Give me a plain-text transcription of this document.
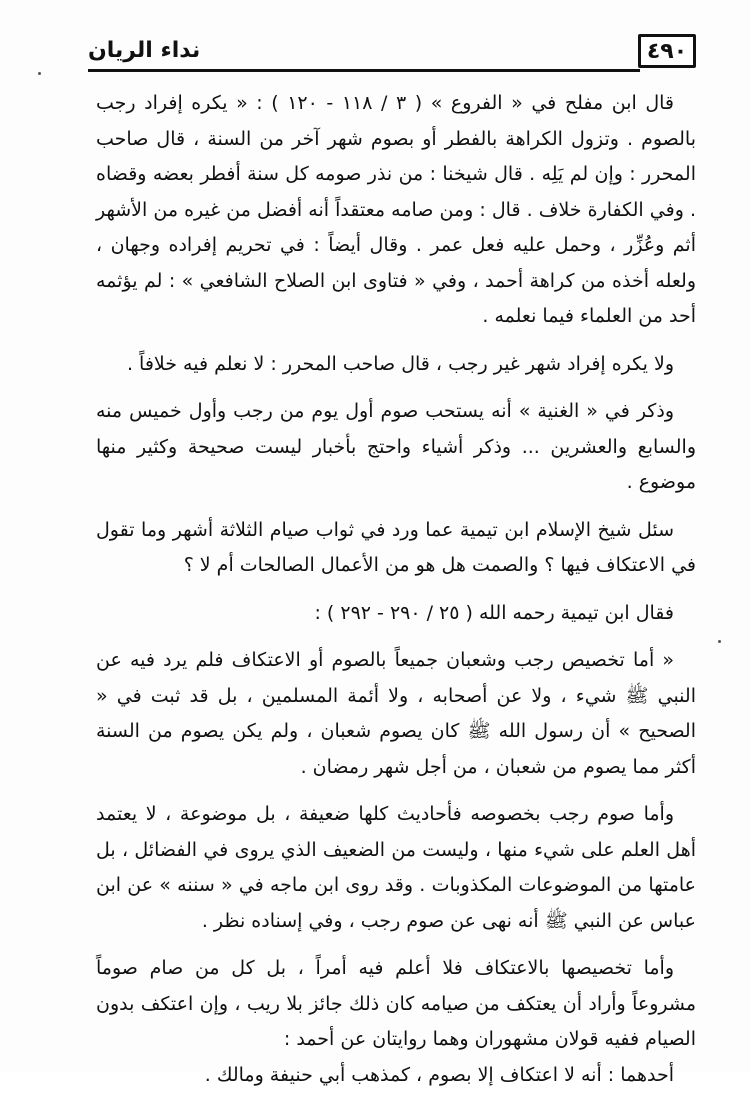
٤٩٠
نداء الريان

قال ابن مفلح في « الفروع » ( ٣ / ١١٨ - ١٢٠ ) : « يكره إفراد رجب بالصوم . وتزول الكراهة بالفطر أو بصوم شهر آخر من السنة ، قال صاحب المحرر : وإن لم يَلِه . قال شيخنا : من نذر صومه كل سنة أفطر بعضه وقضاه . وفي الكفارة خلاف . قال : ومن صامه معتقداً أنه أفضل من غيره من الأشهر أثم وعُزِّر ، وحمل عليه فعل عمر . وقال أيضاً : في تحريم إفراده وجهان ، ولعله أخذه من كراهة أحمد ، وفي « فتاوى ابن الصلاح الشافعي » : لم يؤثمه أحد من العلماء فيما نعلمه .

ولا يكره إفراد شهر غير رجب ، قال صاحب المحرر : لا نعلم فيه خلافاً .

وذكر في « الغنية » أنه يستحب صوم أول يوم من رجب وأول خميس منه والسابع والعشرين ... وذكر أشياء واحتج بأخبار ليست صحيحة وكثير منها موضوع .

سئل شيخ الإسلام ابن تيمية عما ورد في ثواب صيام الثلاثة أشهر وما تقول في الاعتكاف فيها ؟ والصمت هل هو من الأعمال الصالحات أم لا ؟

فقال ابن تيمية رحمه الله ( ٢٥ / ٢٩٠ - ٢٩٢ ) :

« أما تخصيص رجب وشعبان جميعاً بالصوم أو الاعتكاف فلم يرد فيه عن النبي ﷺ شيء ، ولا عن أصحابه ، ولا أئمة المسلمين ، بل قد ثبت في « الصحيح » أن رسول الله ﷺ كان يصوم شعبان ، ولم يكن يصوم من السنة أكثر مما يصوم من شعبان ، من أجل شهر رمضان .

وأما صوم رجب بخصوصه فأحاديث كلها ضعيفة ، بل موضوعة ، لا يعتمد أهل العلم على شيء منها ، وليست من الضعيف الذي يروى في الفضائل ، بل عامتها من الموضوعات المكذوبات . وقد روى ابن ماجه في « سننه » عن ابن عباس عن النبي ﷺ أنه نهى عن صوم رجب ، وفي إسناده نظر .

وأما تخصيصها بالاعتكاف فلا أعلم فيه أمراً ، بل كل من صام صوماً مشروعاً وأراد أن يعتكف من صيامه كان ذلك جائز بلا ريب ، وإن اعتكف بدون الصيام ففيه قولان مشهوران وهما روايتان عن أحمد :

أحدهما : أنه لا اعتكاف إلا بصوم ، كمذهب أبي حنيفة ومالك .
